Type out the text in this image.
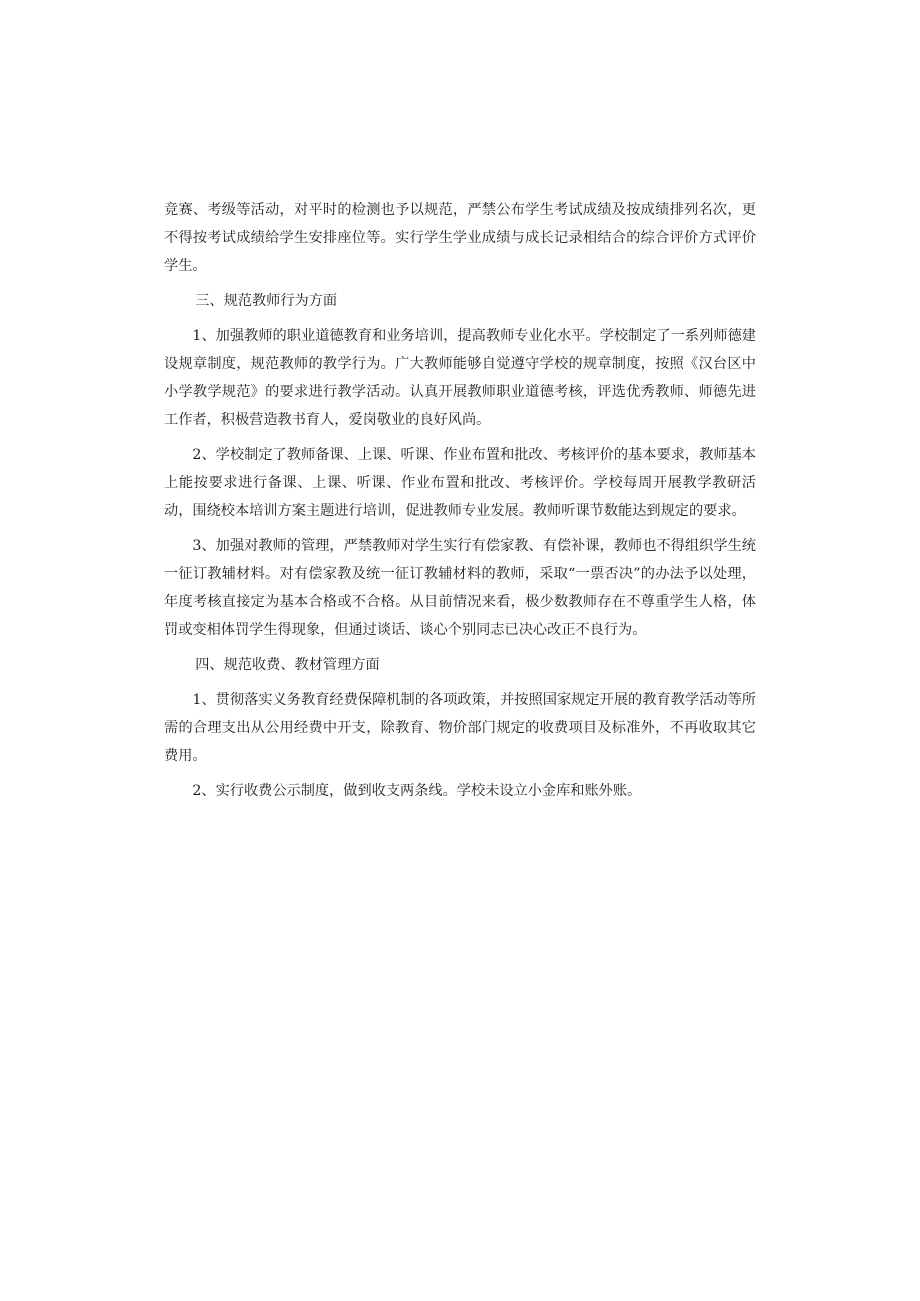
竞赛、考级等活动，对平时的检测也予以规范，严禁公布学生考试成绩及按成绩排列名次，更不得按考试成绩给学生安排座位等。实行学生学业成绩与成长记录相结合的综合评价方式评价学生。

三、规范教师行为方面

1、加强教师的职业道德教育和业务培训，提高教师专业化水平。学校制定了一系列师德建设规章制度，规范教师的教学行为。广大教师能够自觉遵守学校的规章制度，按照《汉台区中小学教学规范》的要求进行教学活动。认真开展教师职业道德考核，评选优秀教师、师德先进工作者，积极营造教书育人，爱岗敬业的良好风尚。

2、学校制定了教师备课、上课、听课、作业布置和批改、考核评价的基本要求，教师基本上能按要求进行备课、上课、听课、作业布置和批改、考核评价。学校每周开展教学教研活动，围绕校本培训方案主题进行培训，促进教师专业发展。教师听课节数能达到规定的要求。

3、加强对教师的管理，严禁教师对学生实行有偿家教、有偿补课，教师也不得组织学生统一征订教辅材料。对有偿家教及统一征订教辅材料的教师，采取“一票否决”的办法予以处理，年度考核直接定为基本合格或不合格。从目前情况来看，极少数教师存在不尊重学生人格，体罚或变相体罚学生得现象，但通过谈话、谈心个别同志已决心改正不良行为。

四、规范收费、教材管理方面

1、贯彻落实义务教育经费保障机制的各项政策，并按照国家规定开展的教育教学活动等所需的合理支出从公用经费中开支，除教育、物价部门规定的收费项目及标准外，不再收取其它费用。

2、实行收费公示制度，做到收支两条线。学校未设立小金库和账外账。
